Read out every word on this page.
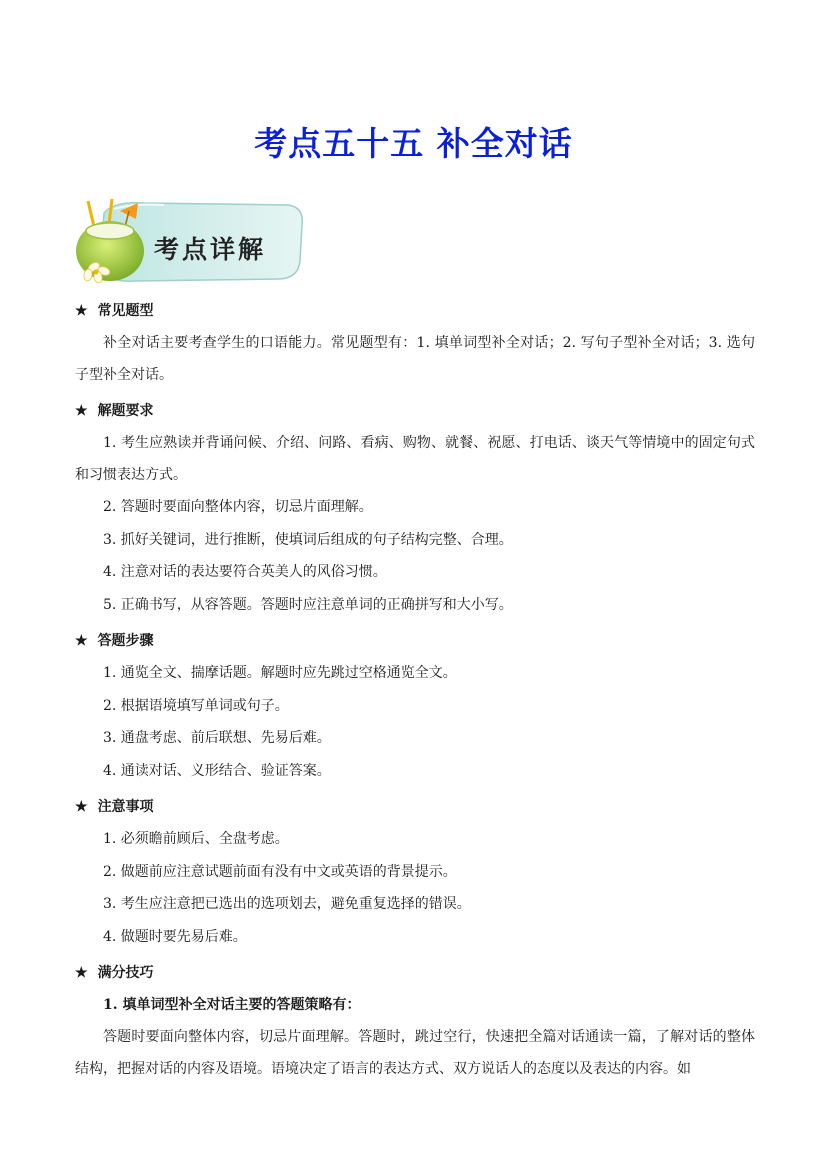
考点五十五 补全对话
考点详解
★ 常见题型

补全对话主要考查学生的口语能力。常见题型有：1. 填单词型补全对话；2. 写句子型补全对话；3. 选句子型补全对话。

★ 解题要求

1. 考生应熟读并背诵问候、介绍、问路、看病、购物、就餐、祝愿、打电话、谈天气等情境中的固定句式和习惯表达方式。

2. 答题时要面向整体内容，切忌片面理解。

3. 抓好关键词，进行推断，使填词后组成的句子结构完整、合理。

4. 注意对话的表达要符合英美人的风俗习惯。

5. 正确书写，从容答题。答题时应注意单词的正确拼写和大小写。

★ 答题步骤

1. 通览全文、揣摩话题。解题时应先跳过空格通览全文。

2. 根据语境填写单词或句子。

3. 通盘考虑、前后联想、先易后难。

4. 通读对话、义形结合、验证答案。

★ 注意事项

1. 必须瞻前顾后、全盘考虑。

2. 做题前应注意试题前面有没有中文或英语的背景提示。

3. 考生应注意把已选出的选项划去，避免重复选择的错误。

4. 做题时要先易后难。

★ 满分技巧

1. 填单词型补全对话主要的答题策略有：

答题时要面向整体内容，切忌片面理解。答题时，跳过空行，快速把全篇对话通读一篇，了解对话的整体结构，把握对话的内容及语境。语境决定了语言的表达方式、双方说话人的态度以及表达的内容。如
